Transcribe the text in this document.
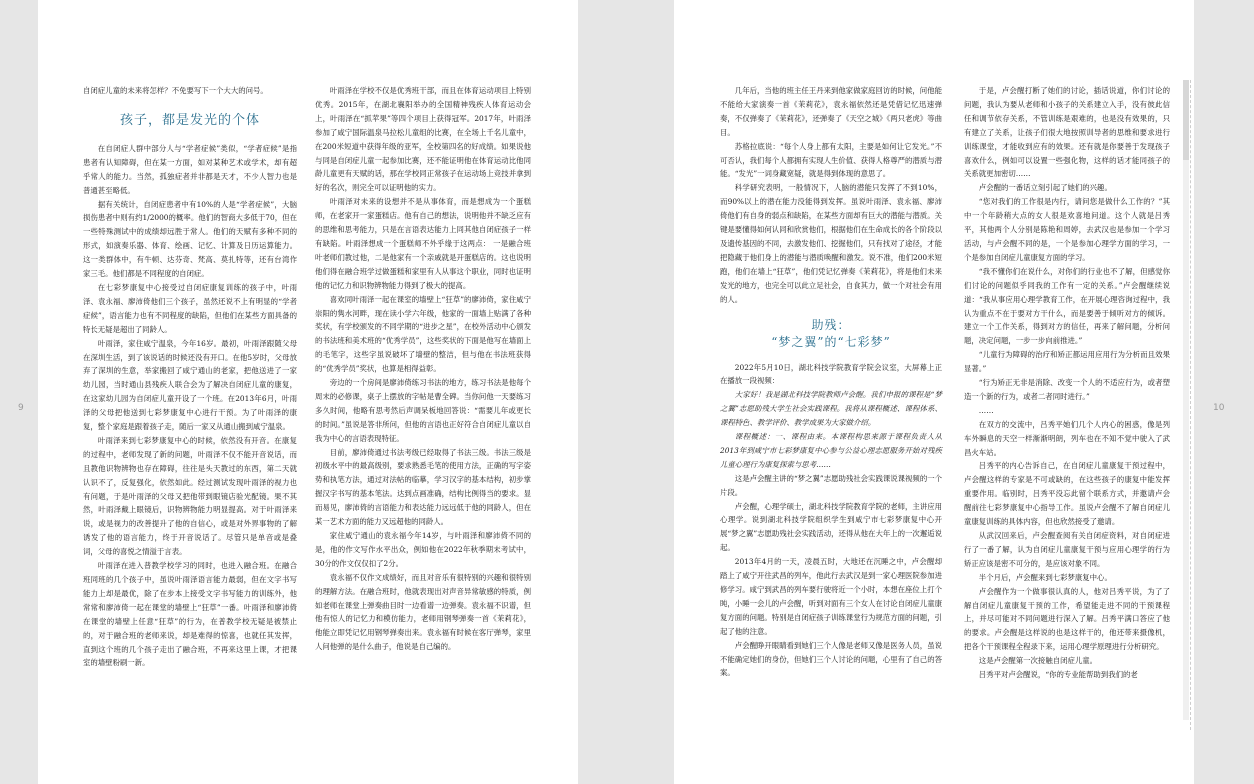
自闭症儿童的未来将怎样？不免要写下一个大大的问号。

孩子，都是发光的个体

在自闭症人群中部分人与“学者症候”类似，“学者症候”是指患者有认知障碍，但在某一方面，如对某种艺术或学术，却有超乎常人的能力。当然，孤独症者并非都是天才，不少人智力也是普通甚至略低。

据有关统计，自闭症患者中有10%的人是“学者症候”，大脑损伤患者中则有约1/2000的概率。他们的智商大多低于70，但在一些特殊测试中的成绩却远胜于常人。他们的天赋有多种不同的形式，如演奏乐器、体育、绘画、记忆、计算及日历运算能力。这一类群体中，有牛顿、达芬奇、梵高、莫扎特等，还有台湾作家三毛。他们都是不同程度的自闭症。

在七彩梦康复中心接受过自闭症康复训练的孩子中，叶雨泽、袁永福、廖沛倚他们三个孩子，虽然还说不上有明显的“学者症候”，语言能力也有不同程度的缺陷，但他们在某些方面具备的特长无疑是超出了同龄人。

叶雨泽，家住咸宁温泉，今年16岁。最初，叶雨泽跟随父母在深圳生活，到了该说话的时候还没有开口。在他5岁时，父母放弃了深圳的生意，举家搬回了咸宁通山的老家，把他送进了一家幼儿园，当时通山县残疾人联合会为了解决自闭症儿童的康复，在这家幼儿园为自闭症儿童开设了一个班。在2013年6月，叶雨泽的父母把他送到七彩梦康复中心进行干预。为了叶雨泽的康复，整个家庭是跟着孩子走，随后一家又从通山搬到咸宁温泉。

叶雨泽来到七彩梦康复中心的时候，依然没有开音。在康复的过程中，老师发现了新的问题，叶雨泽不仅不能开音说话，而且教他识物辨物也存在障碍，往往是头天教过的东西，第二天就认识不了，反复强化，依然如此。经过测试发现叶雨泽的视力也有问题，于是叶雨泽的父母又把他带到眼镜店验光配镜。果不其然，叶雨泽戴上眼镜后，识物辨物能力明显提高。对于叶雨泽来说，或是视力的改善提升了他的自信心，或是对外界事物的了解诱发了他的语言能力，终于开音说话了。尽管只是单音或是叠词，父母的喜悦之情溢于言表。

叶雨泽在进入普教学校学习的同时，也进入融合班。在融合班同班的几个孩子中，虽说叶雨泽语言能力最弱，但在文字书写能力上却是最优，除了在步本上接受文字书写能力的训练外，他常常和廖沛倚一起在课堂的墙壁上“狂草”一番。叶雨泽和廖沛倚在课堂的墙壁上任意“狂草”的行为，在普教学校无疑是被禁止的，对于融合班的老师来说，却是难得的惊喜，也就任其发挥，直到这个班的几个孩子走出了融合班，不再来这里上课，才把课室的墙壁粉刷一新。

叶雨泽在学校不仅是优秀班干部，而且在体育运动项目上特别优秀。2015年，在湖北襄阳举办的全国精神残疾人体育运动会上，叶雨泽在“抓苹果”等四个项目上获得冠军。2017年，叶雨泽参加了咸宁国际温泉马拉松儿童组的比赛，在全场上千名儿童中，在200米短道中获得年级的亚军，全校第四名的好成绩。如果说他与同是自闭症儿童一起参加比赛，还不能证明他在体育运动比他同龄儿童更有天赋的话，那在学校同正常孩子在运动场上竞技并拿到好的名次，则完全可以证明他的实力。

叶雨泽对未来的设想并不是从事体育，而是想成为一个蛋糕师，在老家开一家蛋糕店。他有自己的想法，说明他并不缺乏应有的思维和思考能力，只是在言语表达能力上同其他自闭症孩子一样有缺陷。叶雨泽想成一个蛋糕师不外乎缘于这两点： 一是融合班叶老师们教过他，二是他家有一个亲戚就是开蛋糕店的。这也说明他们得在融合班学过做蛋糕和家里有人从事这个职业，同时也证明他的记忆力和识物辨物能力得到了极大的提高。

喜欢同叶雨泽一起在课室的墙壁上“狂草”的廖沛倚，家住咸宁崇阳的隽水河畔，现在读小学六年级，他家的一面墙上贴满了各种奖状，有学校颁发的不同学期的“进步之星”，在校外活动中心颁发的书法班和美术班的“优秀学员”，这些奖状的下面是他写在墙面上的毛笔字，这些字虽说破坏了墙壁的整洁，但与他在书法班获得的“优秀学员”奖状，也算是相得益彰。

旁边的一个房间是廖沛倚练习书法的地方，练习书法是他每个周末的必修课，桌子上摆放的字帖是曹全碑。当你问他一天要练习多久时间，他略有思考然后声调呆板地回答说：“需要儿年或更长的时间。”虽说是答非所问，但他的言语也正好符合自闭症儿童以自我为中心的言语表现特征。

目前，廖沛倚通过书法考级已经取得了书法三级。书法三级是初级水平中的最高级别，要求熟悉毛笔的使用方法，正确的写字姿势和执笔方法，通过对法帖的临摹，学习汉字的基本结构，初步掌握汉字书写的基本笔法。达到点画准确，结构比例得当的要求。显而易见，廖沛倚的言语能力和表达能力远远低于他的同龄人，但在某一艺术方面的能力又远超他的同龄人。

家住咸宁通山的袁永福今年14岁，与叶雨泽和廖沛倚不同的是，他的作文写作水平出众，例如他在2022年秋季期末考试中，30分的作文仅仅扣了2分。

袁永福不仅作文成绩好，而且对音乐有很特别的兴趣和很特别的理解方法。在融合班时，他就表现出对声音异常敏感的特质，例如老师在课堂上弹奏曲目时一边看谱一边弹奏。袁永福不识谱，但他有惊人的记忆力和模仿能力，老师用钢琴弹奏一首《茉莉花》，他能立即凭记忆用钢琴弹奏出来。袁永福有时候在客厅弹琴，家里人问他弹的是什么曲子，他说是自己编的。

9

几年后，当他的班主任王丹来到他家做家庭回访的时候，问他能不能给大家演奏一首《茉莉花》，袁永福依然还是凭借记忆迅速弹奏，不仅弹奏了《茉莉花》，还弹奏了《天空之城》《两只老虎》等曲目。

苏格拉底说：“每个人身上都有太阳，主要是如何让它发光。”不可否认，我们每个人都拥有实现人生价值、获得人格尊严的潜质与潜能。“发光”一词身藏宽疑，就是得到体现的意思了。

科学研究表明，一般情况下，人脑的潜能只发挥了不到10%，而90%以上的潜在能力没能得到发挥。虽说叶雨泽、袁永福、廖沛倚他们有自身的弱点和缺陷，在某些方面却有巨大的潜能与潜质。关键是要懂得如何认同和欣赏他们，根据他们在生命成长的各个阶段以及遗传基因的不同，去激发他们、挖掘他们，只有找对了途径，才能把隐藏于他们身上的潜能与潜质唤醒和激发。说不准，他们200米短跑，他们在墙上“狂草”，他们凭记忆弹奏《茉莉花》，将是他们未来发光的地方，也完全可以此立足社会，自食其力，做一个对社会有用的人。

助残：
“梦之翼”的“七彩梦”

2022年5月10日，湖北科技学院教育学院会议室，大屏幕上正在播放一段视频：

大家好！我是湖北科技学院教师卢会醒。我们申报的课程是“梦之翼”志愿助残大学生社会实践课程。我将从课程概述、课程体系、课程特色、教学评价、教学成果为大家做介绍。

课程概述：一、课程由来。本课程构思来源于课程负责人从2013年到咸宁市七彩梦康复中心参与公益心理志愿服务开始对残疾儿童心理行为康复探索与思考……

这是卢会醒主讲的“梦之翼”志愿助残社会实践课说课视频的一个片段。

卢会醒，心理学硕士，湖北科技学院教育学院的老师，主讲应用心理学。说到湖北科技学院组织学生到咸宁市七彩梦康复中心开展“梦之翼”志愿助残社会实践活动，还得从他在大年上的一次邂逅说起。

2013年4月的一天，凌晨五时，大地还在沉睡之中，卢会醒却踏上了咸宁开往武昌的列车，他此行去武汉是到一家心理医院参加进修学习。咸宁到武昌的列车要行驶将近一个小时，本想在座位上打个盹，小睡一会儿的卢会醒，听到对面有三个女人在讨论自闭症儿童康复方面的问题。特别是自闭症孩子训练课堂行为规范方面的问题，引起了他的注意。

卢会醒睁开眼睛看到她们三个人像是老师又像是医务人员，虽说不能确定她们的身份，但她们三个人讨论的问题，心里有了自己的答案。

于是，卢会醒打断了她们的讨论，插话说道，你们讨论的问题，我认为要从老师和小孩子的关系建立入手，没有彼此信任和调节依存关系，不管训练是艰难的，也是没有效果的，只有建立了关系，让孩子们很大地按照训导者的思维和要求进行训练课堂，才能收到应有的效果。还有就是你要善于发现孩子喜欢什么，例如可以设置一些强化物，这样的话才能同孩子的关系就更加密切……

卢会醒的一番话立刻引起了她们的兴趣。

“您对我们的工作很是内行，请问您是做什么工作的？”其中一个年龄稍大点的女人很是欢喜地问道。这个人就是吕秀平，其他两个人分别是陈艳和周婷，去武汉也是参加一个学习活动，与卢会醒不同的是，一个是参加心理学方面的学习，一个是参加自闭症儿童康复方面的学习。

“我不懂你们在说什么，对你们的行业也不了解，但感觉你们讨论的问题似乎同我的工作有一定的关系。”卢会醒继续说道：“我从事应用心理学教育工作，在开展心理咨询过程中，我认为重点不在于要对方干什么，而是要善于倾听对方的倾诉。建立一个工作关系，得到对方的信任，再来了解问题，分析问题，决定问题，一步一步向前推进。”

“儿童行为障碍的治疗和矫正都运用应用行为分析而且效果显著。”

“行为矫正无非是消除、改变一个人的不适应行为，或者塑造一个新的行为，或者二者同时进行。”

……

在双方的交流中，吕秀平她们几个人内心的困惑，像是列车外瞬息的天空一样渐渐明朗，列车也在不知不觉中驶入了武昌火车站。

吕秀平的内心告诉自己，在自闭症儿童康复干预过程中，卢会醒这样的专家是不可或缺的，在这些孩子的康复中能发挥重要作用。临别时，吕秀平没忘此留个联系方式，并邀请卢会醒前往七彩梦康复中心指导工作。虽说卢会醒不了解自闭症儿童康复训练的具体内容，但也欣然接受了邀请。

从武汉回来后，卢会醒查阅有关自闭症资料，对自闭症进行了一番了解，认为自闭症儿童康复干预与应用心理学的行为矫正应该是密不可分的，是应该对象不同。

半个月后，卢会醒来到七彩梦康复中心。

卢会醒作为一个做事很认真的人，他对吕秀平说，为了了解自闭症儿童康复干预的工作，希望能走进不同的干预课程上，并尽可能对不同问题进行深入了解。吕秀平满口答应了他的要求。卢会醒是这样说的也是这样干的，他还带来摄像机，把各个干预课程全程录下来，运用心理学原理进行分析研究。

这是卢会醒第一次接触自闭症儿童。

吕秀平对卢会醒说，“你的专业能帮助到我们的老

10
